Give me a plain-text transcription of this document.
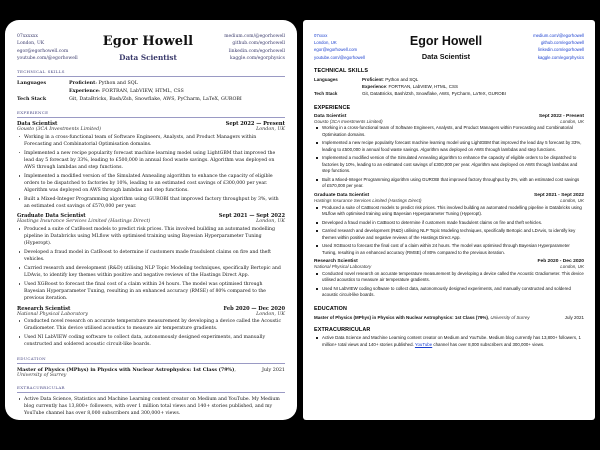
07xxxxxx
London, UK
egor@egorhowell.com
youtube.com/@egorhowell
Egor Howell
Data Scientist
medium.com/@egorhowell
github.com/egorhowell
linkedin.com/egorhowell
kaggle.com/egorphysics
technical skills
Languages	Proficient: Python and SQL
Experience: FORTRAN, LabVIEW, HTML, CSS
Tech Stack	Git, DataBricks, Bash/Zsh, Snowflake, AWS, PyCharm, LaTeX, GUROBI
experience
Data Scientist	Sept 2022 — Present
Gousto (3CA Investments Limited)	London, UK
Working in a cross-functional team of Software Engineers, Analysts, and Product Managers within Forecasting and Combinatorial Optimisation domains.
Implemented a new recipe popularity forecast machine learning model using LightGBM that improved the lead day 5 forecast by 33%, leading to £500,000 in annual food waste savings. Algorithm was deployed on AWS through lambdas and step functions.
Implemented a modified version of the Simulated Annealing algorithm to enhance the capacity of eligible orders to be dispatched to factories by 10%, leading to an estimated cost savings of £300,000 per year. Algorithm was deployed on AWS through lambdas and step functions.
Built a Mixed-Integer Programming algorithm using GUROBI that improved factory throughput by 3%, with an estimated cost savings of £570,000 per year.
Graduate Data Scientist	Sept 2021 — Sept 2022
Hastings Insurance Services Limited (Hastings Direct)	London, UK
Produced a suite of CatBoost models to predict risk prices. This involved building an automated modelling pipeline in Databricks using MLflow with optimised training using Bayesian Hyperparameter Tuning (Hyperopt).
Developed a fraud model in CatBoost to determine if customers made fraudulent claims on fire and theft vehicles.
Carried research and development (R&D) utilising NLP Topic Modeling techniques, specifically Bertopic and LDAvis, to identify key themes within positive and negative reviews of the Hastings Direct App.
Used XGBoost to forecast the final cost of a claim within 24 hours. The model was optimised through Bayesian Hyperparameter Tuning, resulting in an enhanced accuracy (RMSE) of 80% compared to the previous iteration.
Research Scientist	Feb 2020 — Dec 2020
National Physical Laboratory	London, UK
Conducted novel research on accurate temperature measurement by developing a device called the Acoustic Gradiometer. This device utilised acoustics to measure air temperature gradients.
Used NI LabVIEW coding software to collect data, autonomously designed experiments, and manually constructed and soldered acoustic circuit-like boards.
education
Master of Physics (MPhys) in Physics with Nuclear Astrophysics: 1st Class (79%), University of Surrey
July 2021
extracurricular
Active Data Science, Statistics and Machine Learning content creator on Medium and YouTube. My Medium blog currently has 13,800+ followers, with over 1 million total views and 140+ stories published, and my YouTube channel has over 8,000 subscribers and 300,000+ views.
07xxxx
London, UK
egor@egorhowell.com
youtube.com/@egorhowell
Egor Howell
Data Scientist
medium.com/@egorhowell
github.com/egorhowell
linkedin.com/egorhowell
kaggle.com/egorphysics
TECHNICAL SKILLS
Languages	Proficient: Python and SQL
Experience: FORTRAN, LabVIEW, HTML, CSS
Tech Stack	Git, DataBricks, Bash/Zsh, Snowflake, AWS, PyCharm, LaTeX, GUROBI
EXPERIENCE
Data Scientist	Sept 2022 - Present
Gousto (3CA Investments Limited)	London, UK
Working in a cross-functional team of Software Engineers, Analysts, and Product Managers within Forecasting and Combinatorial Optimisation domains.
Implemented a new recipe popularity forecast machine learning model using LightGBM that improved the lead day 5 forecast by 33%, leading to £500,000 in annual food waste savings. Algorithm was deployed on AWS through lambdas and step functions.
Implemented a modified version of the Simulated Annealing algorithm to enhance the capacity of eligible orders to be dispatched to factories by 10%, leading to an estimated cost savings of £300,000 per year. Algorithm was deployed on AWS through lambdas and step functions.
Built a Mixed-Integer Programming algorithm using GUROBI that improved factory throughput by 3%, with an estimated cost savings of £570,000 per year.
Graduate Data Scientist	Sept 2021 - Sept 2022
Hastings Insurance Services Limited (Hastings Direct)	London, UK
Produced a suite of CatBoost models to predict risk prices. This involved building an automated modelling pipeline in Databricks using MLflow with optimised training using Bayesian Hyperparameter Tuning (Hyperopt).
Developed a fraud model in CatBoost to determine if customers made fraudulent claims on fire and theft vehicles.
Carried research and development (R&D) utilising NLP Topic Modeling techniques, specifically Bertopic and LDAvis, to identify key themes within positive and negative reviews of the Hastings Direct App.
Used XGBoost to forecast the final cost of a claim within 24 hours. The model was optimised through Bayesian Hyperparameter Tuning, resulting in an enhanced accuracy (RMSE) of 80% compared to the previous iteration.
Research Scientist	Feb 2020 - Dec 2020
National Physical Laboratory	London, UK
Conducted novel research on accurate temperature measurement by developing a device called the Acoustic Gradiometer. This device utilised acoustics to measure air temperature gradients.
Used NI LabVIEW coding software to collect data, autonomously designed experiments, and manually constructed and soldered acoustic circuit-like boards.
EDUCATION
Master of Physics (MPhys) in Physics with Nuclear Astrophysics: 1st Class (79%), University of Surrey	July 2021
EXTRACURRICULAR
Active Data Science and Machine Learning content creator on Medium and YouTube. Medium blog currently has 13,800+ followers, 1 million+ total views and 140+ stories published. YouTube channel has over 8,000 subscribers and 300,000+ views.
